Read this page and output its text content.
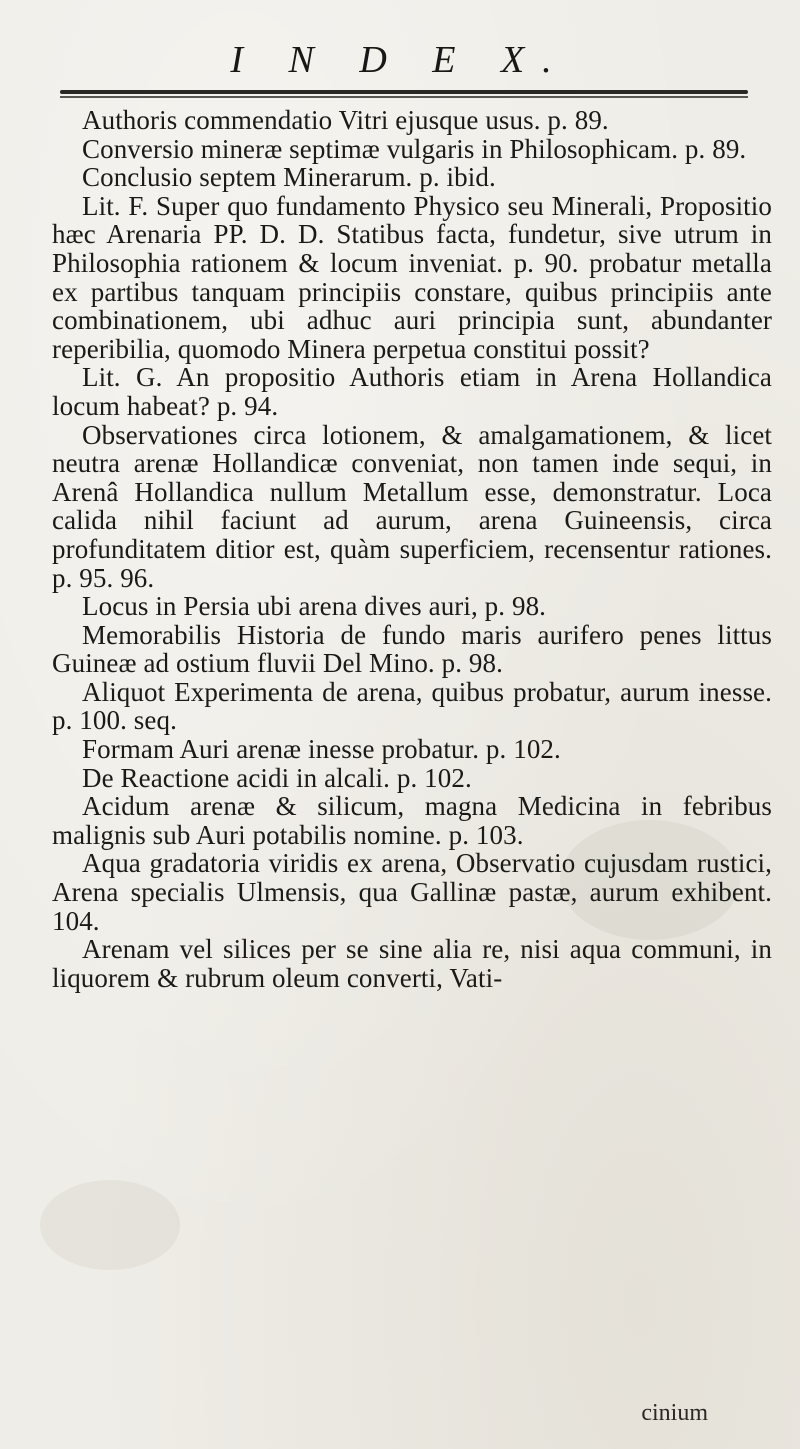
I N D E X.

Authoris commendatio Vitri ejusque usus. p. 89.

Conversio mineræ septimæ vulgaris in Philosophicam. p. 89.

Conclusio septem Minerarum. p. ibid.

Lit. F. Super quo fundamento Physico seu Minerali, Propositio hæc Arenaria PP. D. D. Statibus facta, fundetur, sive utrum in Philosophia rationem & locum inveniat. p. 90. probatur metalla ex partibus tanquam principiis constare, quibus principiis ante combinationem, ubi adhuc auri principia sunt, abundanter reperibilia, quomodo Minera perpetua constitui possit?

Lit. G. An propositio Authoris etiam in Arena Hollandica locum habeat? p. 94.

Observationes circa lotionem, & amalgamationem, & licet neutra arenæ Hollandicæ conveniat, non tamen inde sequi, in Arenâ Hollandica nullum Metallum esse, demonstratur. Loca calida nihil faciunt ad aurum, arena Guineensis, circa profunditatem ditior est, quàm superficiem, recensentur rationes. p. 95. 96.

Locus in Persia ubi arena dives auri, p. 98.

Memorabilis Historia de fundo maris aurifero penes littus Guineæ ad ostium fluvii Del Mino. p. 98.

Aliquot Experimenta de arena, quibus probatur, aurum inesse. p. 100. seq.

Formam Auri arenæ inesse probatur. p. 102.

De Reactione acidi in alcali. p. 102.

Acidum arenæ & silicum, magna Medicina in febribus malignis sub Auri potabilis nomine. p. 103.

Aqua gradatoria viridis ex arena, Observatio cujusdam rustici, Arena specialis Ulmensis, qua Gallinæ pastæ, aurum exhibent. 104.

Arenam vel silices per se sine alia re, nisi aqua communi, in liquorem & rubrum oleum converti, Vati-

cinium
